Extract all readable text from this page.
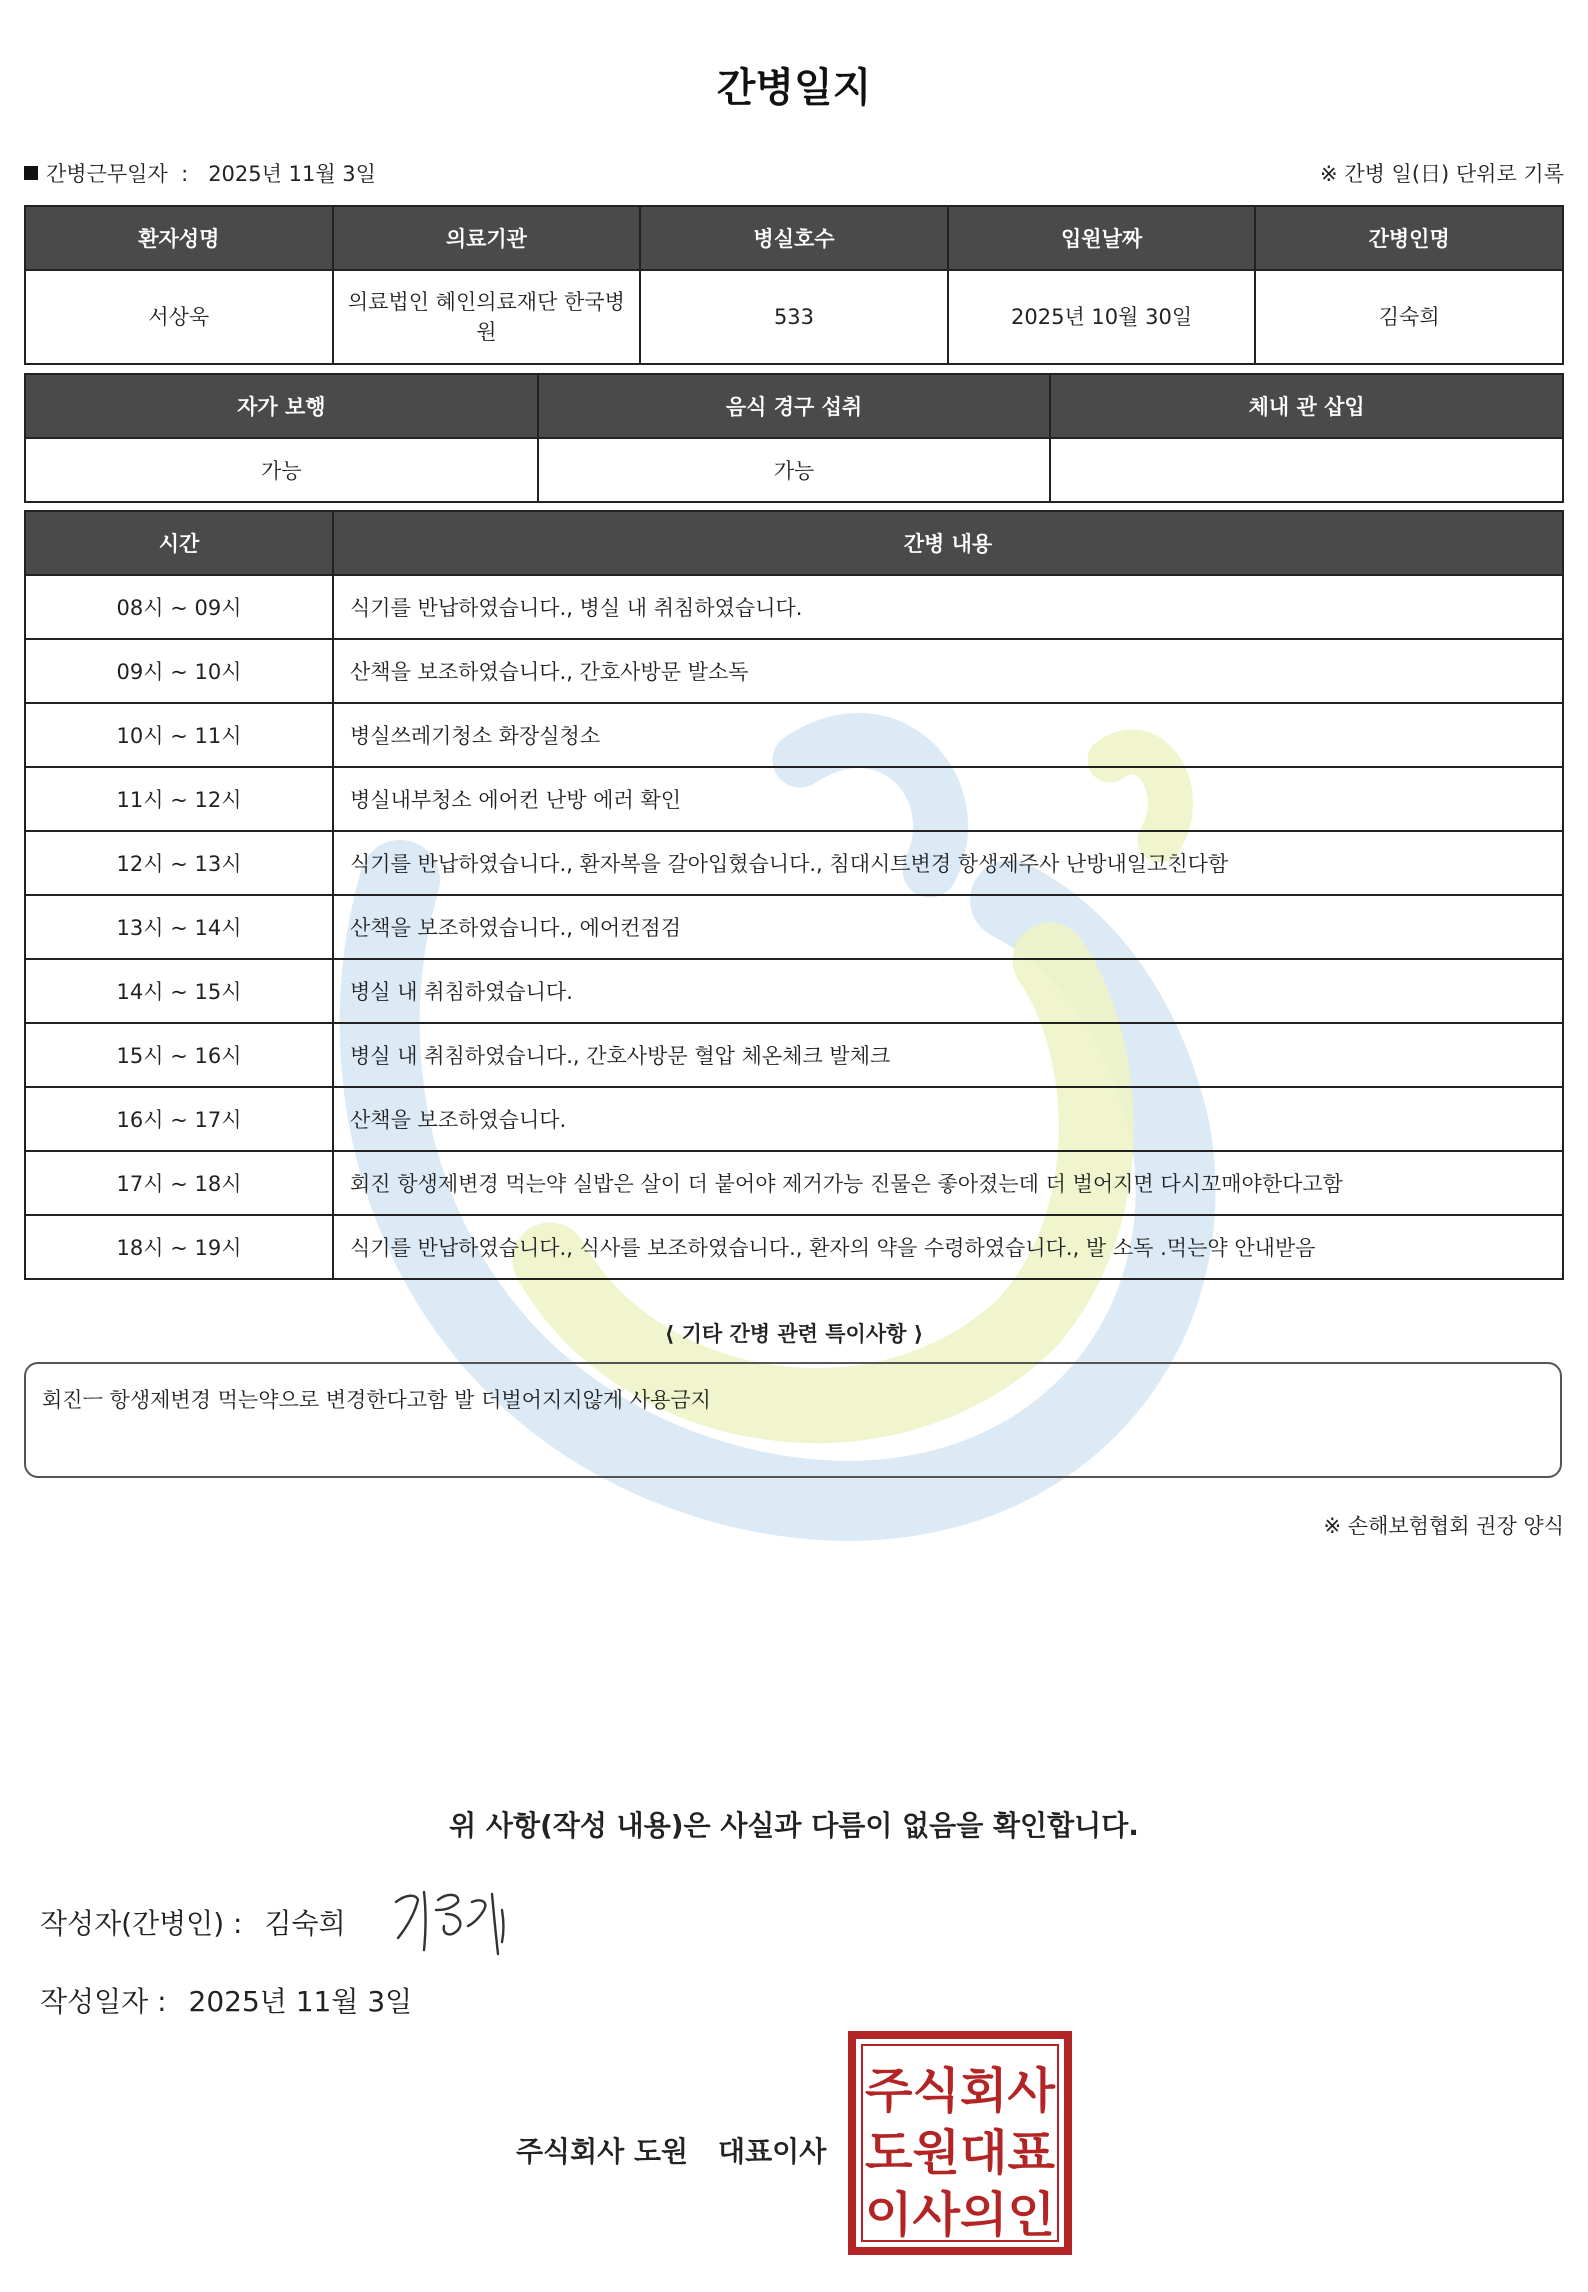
간병일지
간병근무일자 : 2025년 11월 3일	※ 간병 일(日) 단위로 기록
환자성명	의료기관	병실호수	입원날짜	간병인명
서상욱	의료법인 혜인의료재단 한국병원	533	2025년 10월 30일	김숙희
자가 보행	음식 경구 섭취	체내 관 삽입
가능	가능	
시간	간병 내용
08시 ~ 09시	식기를 반납하였습니다., 병실 내 취침하였습니다.
09시 ~ 10시	산책을 보조하였습니다., 간호사방문 발소독
10시 ~ 11시	병실쓰레기청소 화장실청소
11시 ~ 12시	병실내부청소 에어컨 난방 에러 확인
12시 ~ 13시	식기를 반납하였습니다., 환자복을 갈아입혔습니다., 침대시트변경 항생제주사 난방내일고친다함
13시 ~ 14시	산책을 보조하였습니다., 에어컨점검
14시 ~ 15시	병실 내 취침하였습니다.
15시 ~ 16시	병실 내 취침하였습니다., 간호사방문 혈압 체온체크 발체크
16시 ~ 17시	산책을 보조하였습니다.
17시 ~ 18시	회진 항생제변경 먹는약 실밥은 살이 더 붙어야 제거가능 진물은 좋아졌는데 더 벌어지면 다시꼬매야한다고함
18시 ~ 19시	식기를 반납하였습니다., 식사를 보조하였습니다., 환자의 약을 수령하였습니다., 발 소독 .먹는약 안내받음
⟨ 기타 간병 관련 특이사항 ⟩
회진ㅡ 항생제변경 먹는약으로 변경한다고함 발 더벌어지지않게 사용금지
※ 손해보험협회 권장 양식
위 사항(작성 내용)은 사실과 다름이 없음을 확인합니다.
작성자(간병인) : 김숙희
작성일자 : 2025년 11월 3일
주식회사 도원 대표이사
주식회사
도원대표
이사의인
